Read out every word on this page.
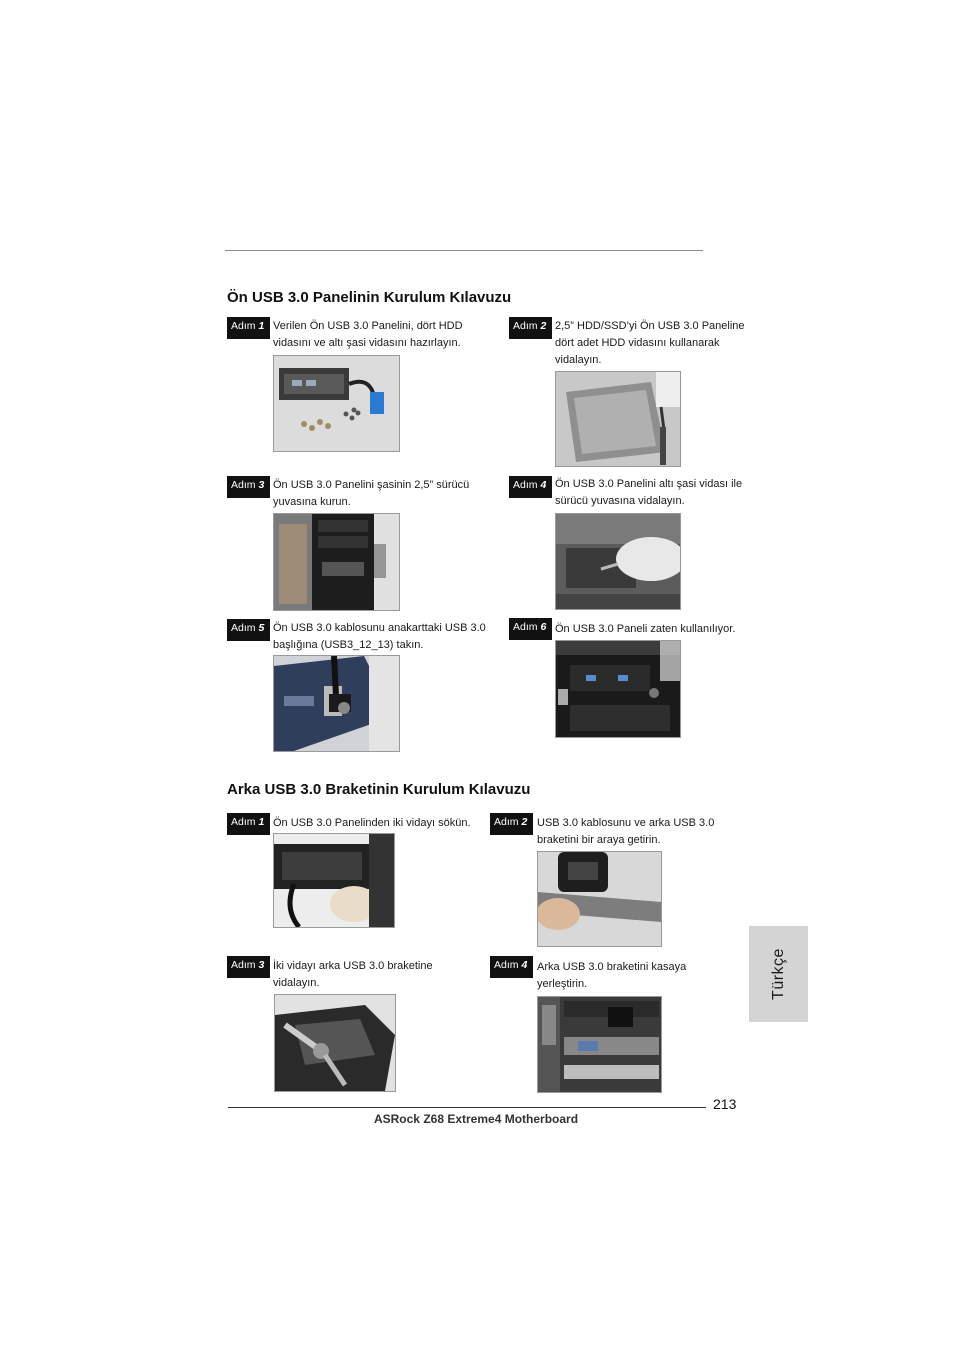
Ön USB 3.0 Panelinin Kurulum Kılavuzu
Adım 1 Verilen Ön USB 3.0 Panelini, dört HDD vidasını ve altı şasi vidasını hazırlayın.
Adım 2 2,5” HDD/SSD’yi Ön USB 3.0 Paneline dört adet HDD vidasını kullanarak vidalayın.
Adım 3 Ön USB 3.0 Panelini şasinin 2,5” sürücü yuvasına kurun.
Adım 4 Ön USB 3.0 Panelini altı şasi vidası ile sürücü yuvasına vidalayın.
Adım 5 Ön USB 3.0 kablosunu anakarttaki USB 3.0 başlığına (USB3_12_13) takın.
Adım 6 Ön USB 3.0 Paneli zaten kullanılıyor.
Arka USB 3.0 Braketinin Kurulum Kılavuzu
Adım 1 Ön USB 3.0 Panelinden iki vidayı sökün.	Adım 2 USB 3.0 kablosunu ve arka USB 3.0 braketini bir araya getirin.
Adım 3 İki vidayı arka USB 3.0 braketine vidalayın.
Adım 4 Arka USB 3.0 braketini kasaya yerleştirin.	Türkçe
213
ASRock Z68 Extreme4 Motherboard
